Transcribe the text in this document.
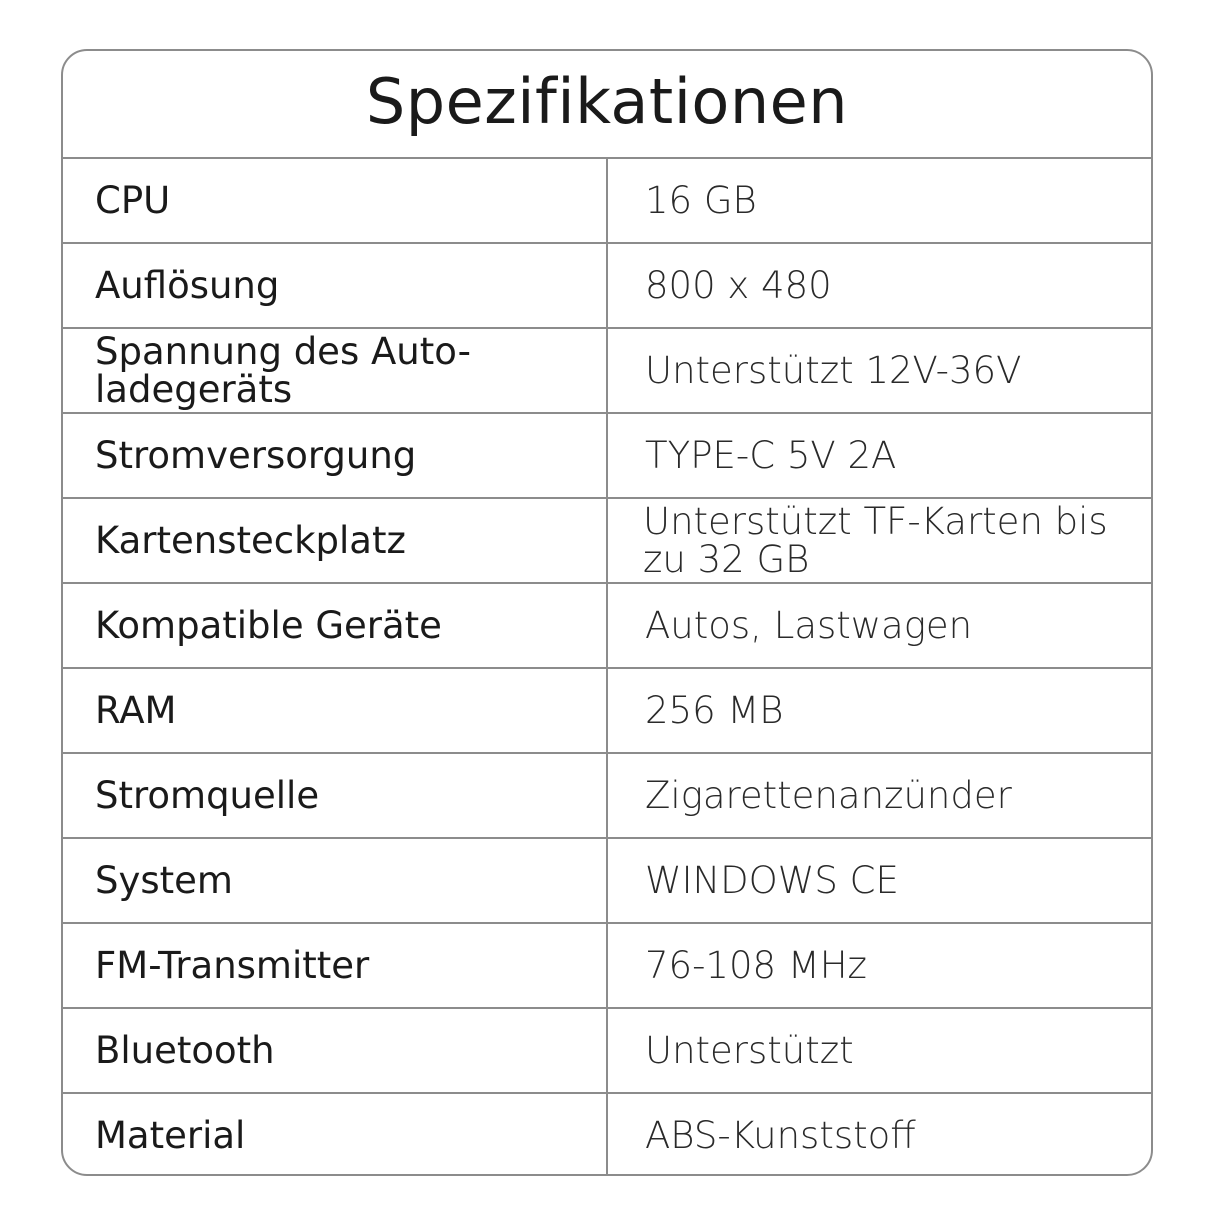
Spezifikationen
CPU	16 GB
Auflösung	800 x 480
Spannung des Auto-ladegeräts	Unterstützt 12V-36V
Stromversorgung	TYPE-C 5V 2A
Kartensteckplatz	Unterstützt TF-Karten bis zu 32 GB
Kompatible Geräte	Autos, Lastwagen
RAM	256 MB
Stromquelle	Zigarettenanzünder
System	WINDOWS CE
FM-Transmitter	76-108 MHz
Bluetooth	Unterstützt
Material	ABS-Kunststoff
